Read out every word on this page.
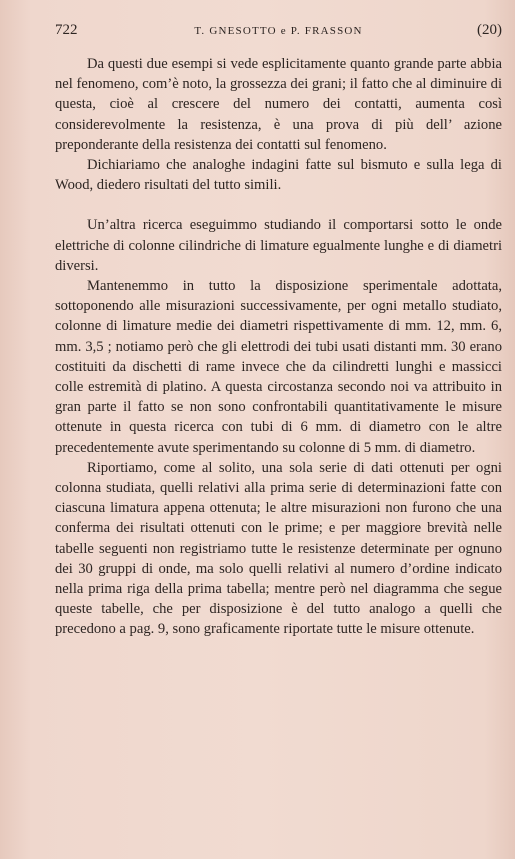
722	T. GNESOTTO e P. FRASSON	(20)

Da questi due esempi si vede esplicitamente quanto grande parte abbia nel fenomeno, com’è noto, la grossezza dei grani; il fatto che al diminuire di questa, cioè al crescere del numero dei contatti, aumenta così considerevolmente la resistenza, è una prova di più dell’ azione preponderante della resistenza dei contatti sul fenomeno.

Dichiariamo che analoghe indagini fatte sul bismuto e sulla lega di Wood, diedero risultati del tutto simili.

Un’altra ricerca eseguimmo studiando il comportarsi sotto le onde elettriche di colonne cilindriche di limature egualmente lunghe e di diametri diversi.

Mantenemmo in tutto la disposizione sperimentale adottata, sottoponendo alle misurazioni successivamente, per ogni metallo studiato, colonne di limature medie dei diametri rispettivamente di mm. 12, mm. 6, mm. 3,5 ; notiamo però che gli elettrodi dei tubi usati distanti mm. 30 erano costituiti da dischetti di rame invece che da cilindretti lunghi e massicci colle estremità di platino. A questa circostanza secondo noi va attribuito in gran parte il fatto se non sono confrontabili quantitativamente le misure ottenute in questa ricerca con tubi di 6 mm. di diametro con le altre precedentemente avute sperimentando su colonne di 5 mm. di diametro.

Riportiamo, come al solito, una sola serie di dati ottenuti per ogni colonna studiata, quelli relativi alla prima serie di determinazioni fatte con ciascuna limatura appena ottenuta; le altre misurazioni non furono che una conferma dei risultati ottenuti con le prime; e per maggiore brevità nelle tabelle seguenti non registriamo tutte le resistenze determinate per ognuno dei 30 gruppi di onde, ma solo quelli relativi al numero d’ordine indicato nella prima riga della prima tabella; mentre però nel diagramma che segue queste tabelle, che per disposizione è del tutto analogo a quelli che precedono a pag. 9, sono graficamente riportate tutte le misure ottenute.
